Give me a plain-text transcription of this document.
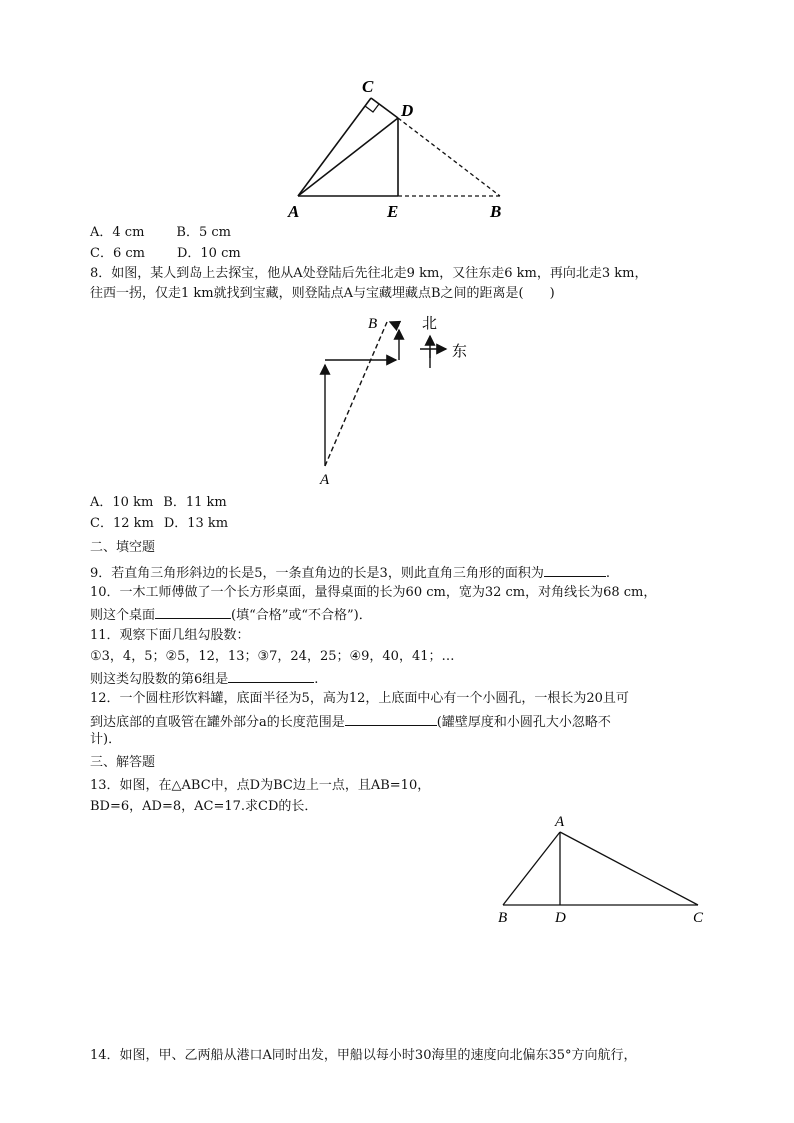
C
D
A	E	B
A．4 cm B．5 cm
C．6 cm D．10 cm
8．如图，某人到岛上去探宝，他从A处登陆后先往北走9 km，又往东走6 km，再向北走3 km，
往西一拐，仅走1 km就找到宝藏，则登陆点A与宝藏埋藏点B之间的距离是(　　)
B
A
北
东
A．10 km B．11 km
C．12 km D．13 km
二、填空题
9．若直角三角形斜边的长是5，一条直角边的长是3，则此直角三角形的面积为	.
10．一木工师傅做了一个长方形桌面，量得桌面的长为60 cm，宽为32 cm，对角线长为68 cm，
则这个桌面	(填“合格”或“不合格”)．
11．观察下面几组勾股数：
①3，4，5；②5，12，13；③7，24，25；④9，40，41；…
则这类勾股数的第6组是	.
12．一个圆柱形饮料罐，底面半径为5，高为12，上底面中心有一个小圆孔，一根长为20且可
到达底部的直吸管在罐外部分a的长度范围是	(罐壁厚度和小圆孔大小忽略不
计)．
三、解答题
13．如图，在△ABC中，点D为BC边上一点，且AB=10，
BD=6，AD=8，AC=17.求CD的长．
A
B	D	C
14．如图，甲、乙两船从港口A同时出发，甲船以每小时30海里的速度向北偏东35°方向航行，
